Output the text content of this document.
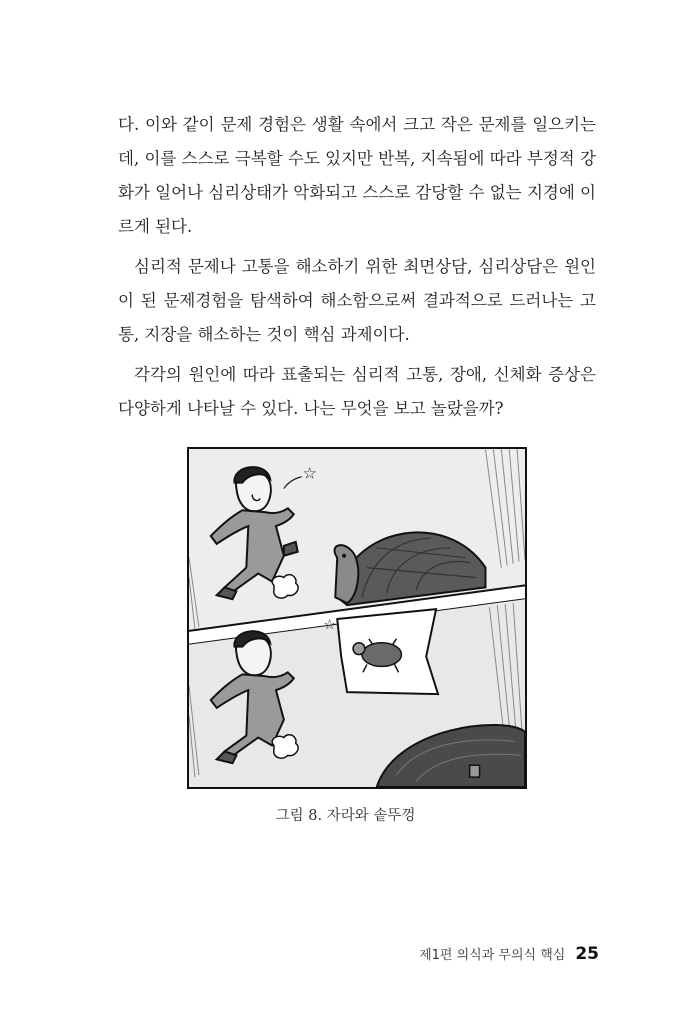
다. 이와 같이 문제 경험은 생활 속에서 크고 작은 문제를 일으키는데, 이를 스스로 극복할 수도 있지만 반복, 지속됨에 따라 부정적 강화가 일어나 심리상태가 악화되고 스스로 감당할 수 없는 지경에 이르게 된다.

심리적 문제나 고통을 해소하기 위한 최면상담, 심리상담은 원인이 된 문제경험을 탐색하여 해소함으로써 결과적으로 드러나는 고통, 지장을 해소하는 것이 핵심 과제이다.

각각의 원인에 따라 표출되는 심리적 고통, 장애, 신체화 증상은 다양하게 나타날 수 있다. 나는 무엇을 보고 놀랐을까?

☆
☆
그림 8. 자라와 솥뚜껑
제1편 의식과 무의식 핵심 25
